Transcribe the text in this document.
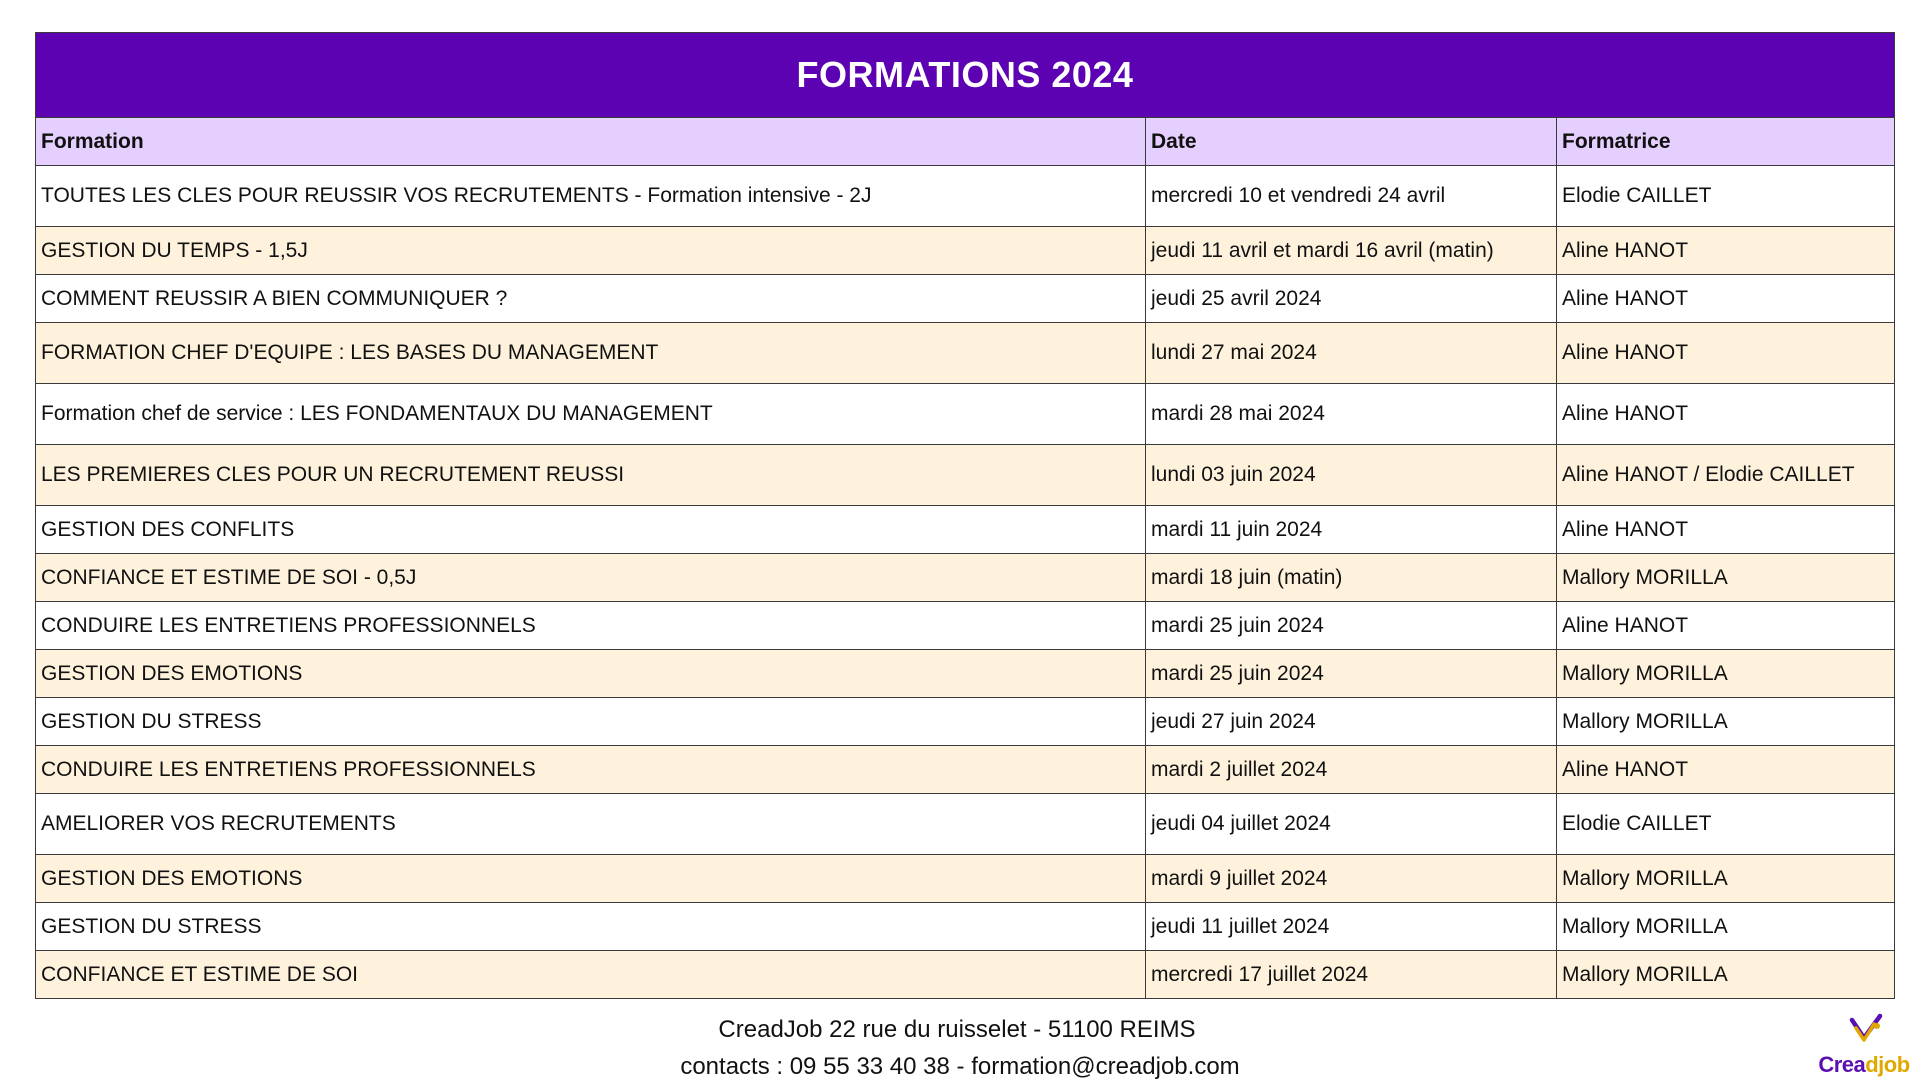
FORMATIONS 2024		
Formation	Date	Formatrice
TOUTES LES CLES POUR REUSSIR VOS RECRUTEMENTS - Formation intensive - 2J	mercredi 10 et vendredi 24 avril	Elodie CAILLET
GESTION DU TEMPS - 1,5J	jeudi 11 avril et mardi 16 avril (matin)	Aline HANOT
COMMENT REUSSIR A BIEN COMMUNIQUER ?	jeudi 25 avril 2024	Aline HANOT
FORMATION CHEF D'EQUIPE : LES BASES DU MANAGEMENT	lundi 27 mai 2024	Aline HANOT
Formation chef de service : LES FONDAMENTAUX DU MANAGEMENT	mardi 28 mai 2024	Aline HANOT
LES PREMIERES CLES POUR UN RECRUTEMENT REUSSI	lundi 03 juin 2024	Aline HANOT / Elodie CAILLET
GESTION DES CONFLITS	mardi 11 juin 2024	Aline HANOT
CONFIANCE ET ESTIME DE SOI - 0,5J	mardi 18 juin (matin)	Mallory MORILLA
CONDUIRE LES ENTRETIENS PROFESSIONNELS	mardi 25 juin 2024	Aline HANOT
GESTION DES EMOTIONS	mardi 25 juin 2024	Mallory MORILLA
GESTION DU STRESS	jeudi 27 juin 2024	Mallory MORILLA
CONDUIRE LES ENTRETIENS PROFESSIONNELS	mardi 2 juillet 2024	Aline HANOT
AMELIORER VOS RECRUTEMENTS	jeudi 04 juillet 2024	Elodie CAILLET
GESTION DES EMOTIONS	mardi 9 juillet 2024	Mallory MORILLA
GESTION DU STRESS	jeudi 11 juillet 2024	Mallory MORILLA
CONFIANCE ET ESTIME DE SOI	mercredi 17 juillet 2024	Mallory MORILLA
CreadJob 22 rue du ruisselet - 51100 REIMS
contacts : 09 55 33 40 38 - formation@creadjob.com	Creadjob
